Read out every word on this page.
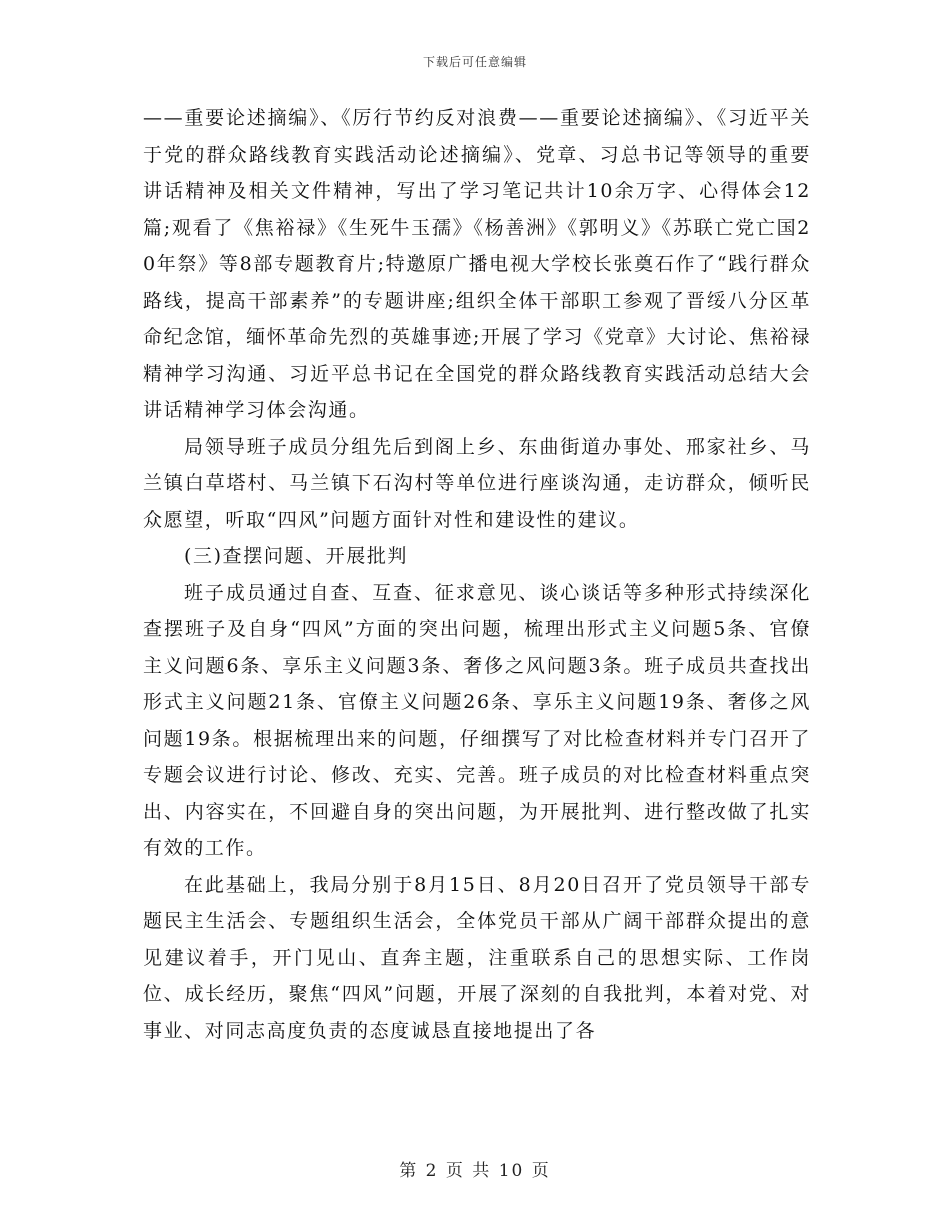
下载后可任意编辑

——重要论述摘编》、《厉行节约反对浪费——重要论述摘编》、《习近平关于党的群众路线教育实践活动论述摘编》、党章、习总书记等领导的重要讲话精神及相关文件精神，写出了学习笔记共计10余万字、心得体会12篇;观看了《焦裕禄》《生死牛玉孺》《杨善洲》《郭明义》《苏联亡党亡国20年祭》等8部专题教育片;特邀原广播电视大学校长张奠石作了“践行群众路线，提高干部素养”的专题讲座;组织全体干部职工参观了晋绥八分区革命纪念馆，缅怀革命先烈的英雄事迹;开展了学习《党章》大讨论、焦裕禄精神学习沟通、习近平总书记在全国党的群众路线教育实践活动总结大会讲话精神学习体会沟通。

局领导班子成员分组先后到阁上乡、东曲街道办事处、邢家社乡、马兰镇白草塔村、马兰镇下石沟村等单位进行座谈沟通，走访群众，倾听民众愿望，听取“四风”问题方面针对性和建设性的建议。

(三)查摆问题、开展批判

班子成员通过自查、互查、征求意见、谈心谈话等多种形式持续深化查摆班子及自身“四风”方面的突出问题，梳理出形式主义问题5条、官僚主义问题6条、享乐主义问题3条、奢侈之风问题3条。班子成员共查找出形式主义问题21条、官僚主义问题26条、享乐主义问题19条、奢侈之风问题19条。根据梳理出来的问题，仔细撰写了对比检查材料并专门召开了专题会议进行讨论、修改、充实、完善。班子成员的对比检查材料重点突出、内容实在，不回避自身的突出问题，为开展批判、进行整改做了扎实有效的工作。

在此基础上，我局分别于8月15日、8月20日召开了党员领导干部专题民主生活会、专题组织生活会，全体党员干部从广阔干部群众提出的意见建议着手，开门见山、直奔主题，注重联系自己的思想实际、工作岗位、成长经历，聚焦“四风”问题，开展了深刻的自我批判，本着对党、对事业、对同志高度负责的态度诚恳直接地提出了各

第 2 页 共 10 页
